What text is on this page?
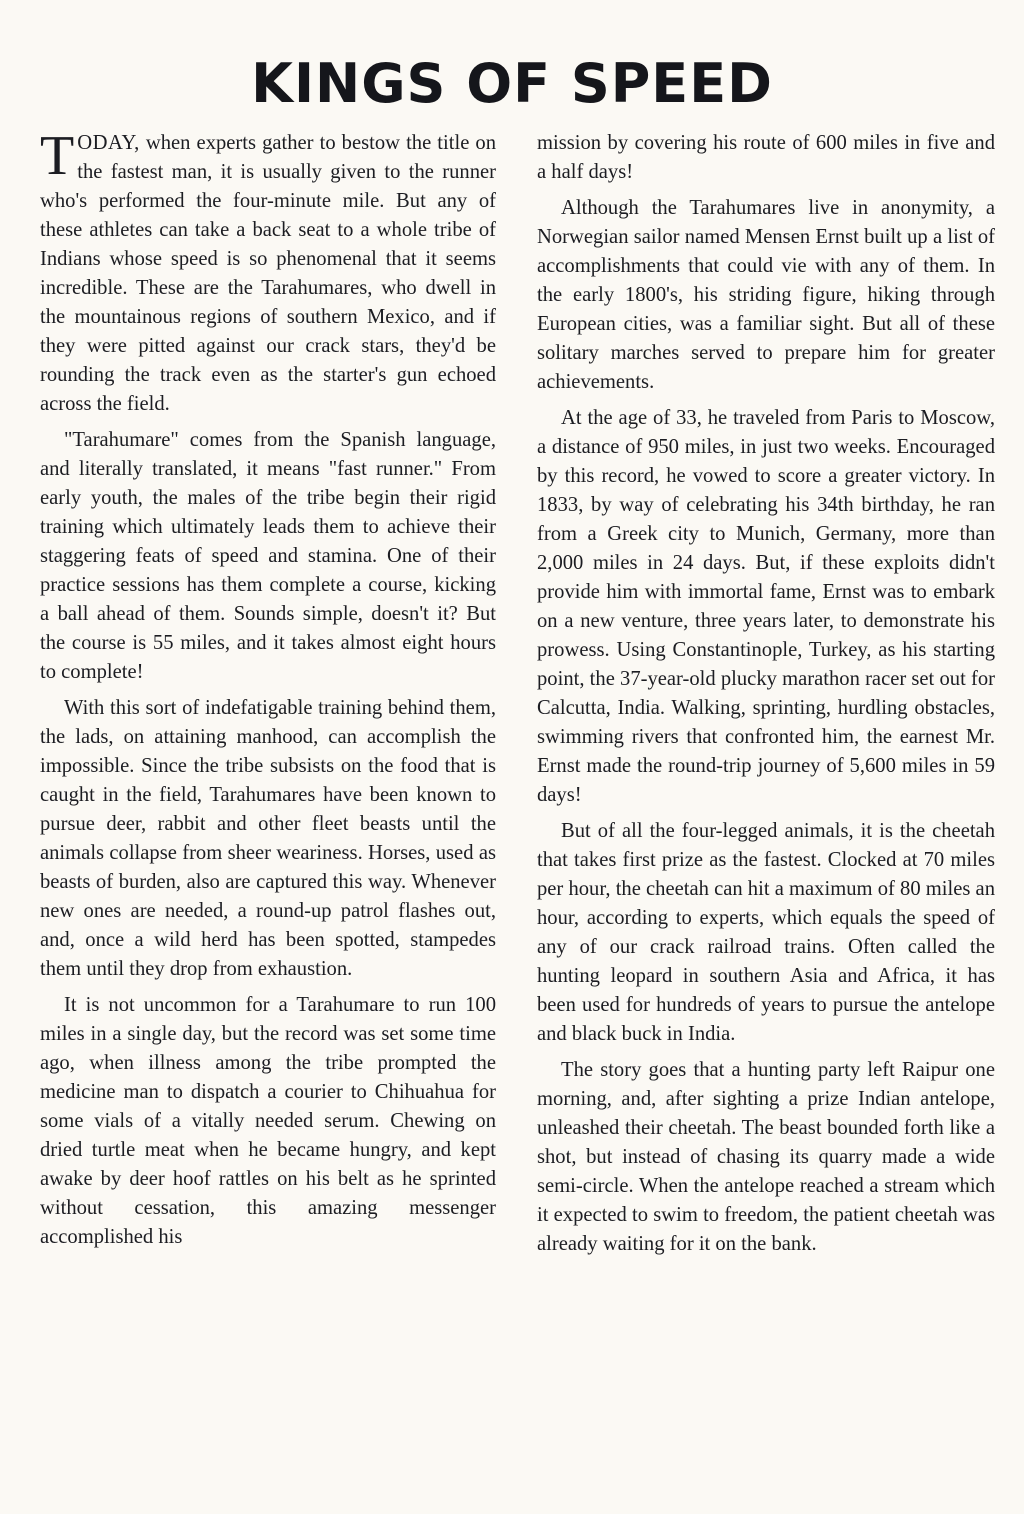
KINGS OF SPEED

TODAY, when experts gather to bestow the title on the fastest man, it is usually given to the runner who's performed the four-minute mile. But any of these athletes can take a back seat to a whole tribe of Indians whose speed is so phenomenal that it seems incredible. These are the Tarahumares, who dwell in the mountainous regions of southern Mexico, and if they were pitted against our crack stars, they'd be rounding the track even as the starter's gun echoed across the field.

"Tarahumare" comes from the Spanish language, and literally translated, it means "fast runner." From early youth, the males of the tribe begin their rigid training which ultimately leads them to achieve their staggering feats of speed and stamina. One of their practice sessions has them complete a course, kicking a ball ahead of them. Sounds simple, doesn't it? But the course is 55 miles, and it takes almost eight hours to complete!

With this sort of indefatigable training behind them, the lads, on attaining manhood, can accomplish the impossible. Since the tribe subsists on the food that is caught in the field, Tarahumares have been known to pursue deer, rabbit and other fleet beasts until the animals collapse from sheer weariness. Horses, used as beasts of burden, also are captured this way. Whenever new ones are needed, a round-up patrol flashes out, and, once a wild herd has been spotted, stampedes them until they drop from exhaustion.

It is not uncommon for a Tarahumare to run 100 miles in a single day, but the record was set some time ago, when illness among the tribe prompted the medicine man to dispatch a courier to Chihuahua for some vials of a vitally needed serum. Chewing on dried turtle meat when he became hungry, and kept awake by deer hoof rattles on his belt as he sprinted without cessation, this amazing messenger accomplished his

mission by covering his route of 600 miles in five and a half days!

Although the Tarahumares live in anonymity, a Norwegian sailor named Mensen Ernst built up a list of accomplishments that could vie with any of them. In the early 1800's, his striding figure, hiking through European cities, was a familiar sight. But all of these solitary marches served to prepare him for greater achievements.

At the age of 33, he traveled from Paris to Moscow, a distance of 950 miles, in just two weeks. Encouraged by this record, he vowed to score a greater victory. In 1833, by way of celebrating his 34th birthday, he ran from a Greek city to Munich, Germany, more than 2,000 miles in 24 days. But, if these exploits didn't provide him with immortal fame, Ernst was to embark on a new venture, three years later, to demonstrate his prowess. Using Constantinople, Turkey, as his starting point, the 37-year-old plucky marathon racer set out for Calcutta, India. Walking, sprinting, hurdling obstacles, swimming rivers that confronted him, the earnest Mr. Ernst made the round-trip journey of 5,600 miles in 59 days!

But of all the four-legged animals, it is the cheetah that takes first prize as the fastest. Clocked at 70 miles per hour, the cheetah can hit a maximum of 80 miles an hour, according to experts, which equals the speed of any of our crack railroad trains. Often called the hunting leopard in southern Asia and Africa, it has been used for hundreds of years to pursue the antelope and black buck in India.

The story goes that a hunting party left Raipur one morning, and, after sighting a prize Indian antelope, unleashed their cheetah. The beast bounded forth like a shot, but instead of chasing its quarry made a wide semi-circle. When the antelope reached a stream which it expected to swim to freedom, the patient cheetah was already waiting for it on the bank.
